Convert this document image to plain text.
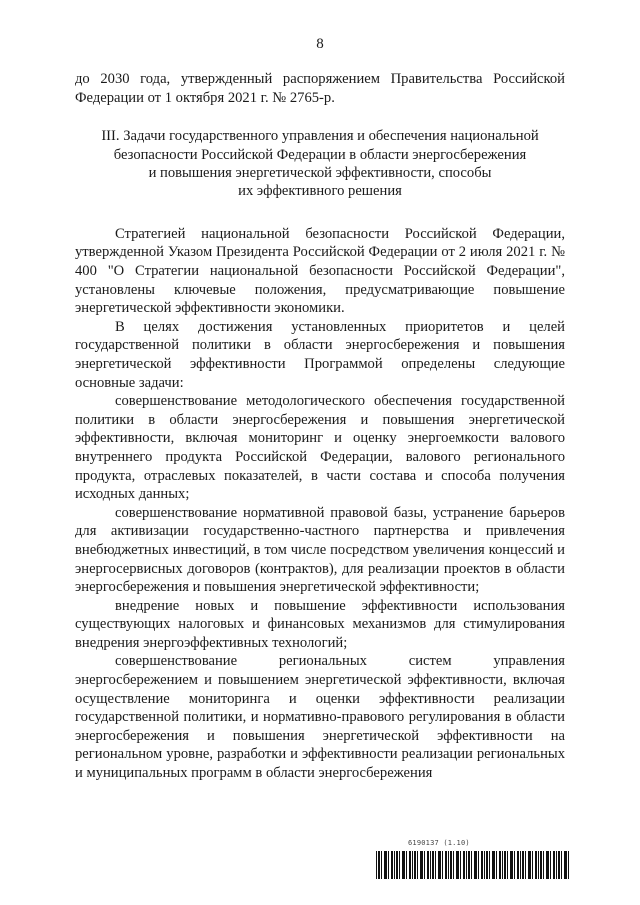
8

до 2030 года, утвержденный распоряжением Правительства Российской Федерации от 1 октября 2021 г. № 2765-р.

III. Задачи государственного управления и обеспечения национальной
безопасности Российской Федерации в области энергосбережения
и повышения энергетической эффективности, способы
их эффективного решения

Стратегией национальной безопасности Российской Федерации, утвержденной Указом Президента Российской Федерации от 2 июля 2021 г. № 400 "О Стратегии национальной безопасности Российской Федерации", установлены ключевые положения, предусматривающие повышение энергетической эффективности экономики.

В целях достижения установленных приоритетов и целей государственной политики в области энергосбережения и повышения энергетической эффективности Программой определены следующие основные задачи:

совершенствование методологического обеспечения государственной политики в области энергосбережения и повышения энергетической эффективности, включая мониторинг и оценку энергоемкости валового внутреннего продукта Российской Федерации, валового регионального продукта, отраслевых показателей, в части состава и способа получения исходных данных;

совершенствование нормативной правовой базы, устранение барьеров для активизации государственно-частного партнерства и привлечения внебюджетных инвестиций, в том числе посредством увеличения концессий и энергосервисных договоров (контрактов), для реализации проектов в области энергосбережения и повышения энергетической эффективности;

внедрение новых и повышение эффективности использования существующих налоговых и финансовых механизмов для стимулирования внедрения энергоэффективных технологий;

совершенствование региональных систем управления энергосбережением и повышением энергетической эффективности, включая осуществление мониторинга и оценки эффективности реализации государственной политики, и нормативно-правового регулирования в области энергосбережения и повышения энергетической эффективности на региональном уровне, разработки и эффективности реализации региональных и муниципальных программ в области энергосбережения

6190137 (1.10)
